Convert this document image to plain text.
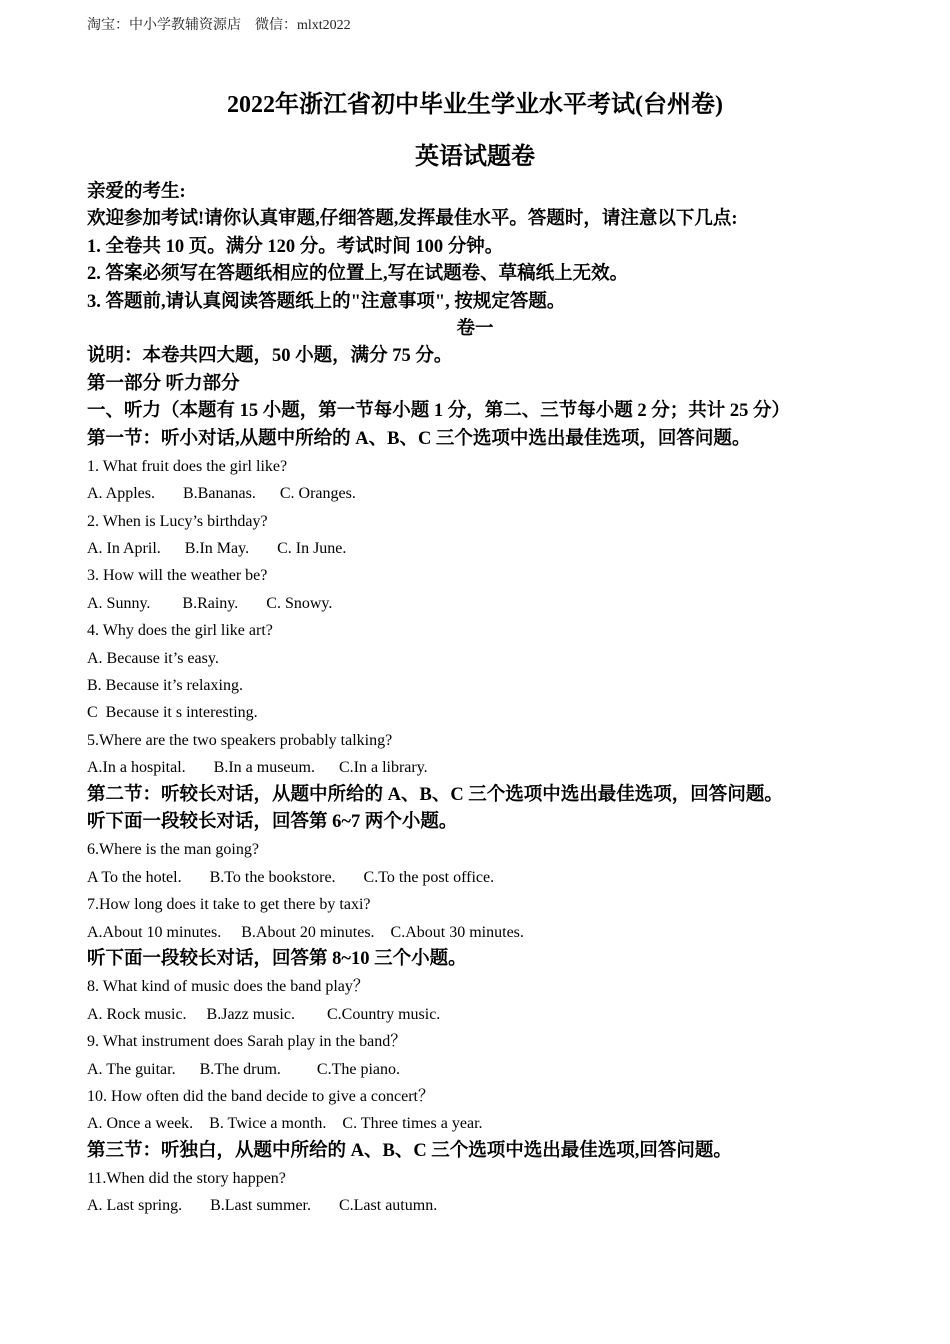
淘宝：中小学教辅资源店    微信：mlxt2022
2022年浙江省初中毕业生学业水平考试(台州卷)
英语试题卷
亲爱的考生:
欢迎参加考试!请你认真审题,仔细答题,发挥最佳水平。答题时，请注意以下几点:
1. 全卷共 10 页。满分 120 分。考试时间 100 分钟。
2. 答案必须写在答题纸相应的位置上,写在试题卷、草稿纸上无效。
3. 答题前,请认真阅读答题纸上的"注意事项", 按规定答题。
卷一
说明：本卷共四大题，50 小题，满分 75 分。
第一部分 听力部分
一、听力（本题有 15 小题，第一节每小题 1 分，第二、三节每小题 2 分；共计 25 分）
第一节：听小对话,从题中所给的 A、B、C 三个选项中选出最佳选项，回答问题。
1. What fruit does the girl like?
A. Apples.       B.Bananas.      C. Oranges.
2. When is Lucy’s birthday?
A. In April.      B.In May.       C. In June.
3. How will the weather be?
A. Sunny.        B.Rainy.       C. Snowy.
4. Why does the girl like art?
A. Because it’s easy.
B. Because it’s relaxing.
C  Because it s interesting.
5.Where are the two speakers probably talking?
A.In a hospital.       B.In a museum.      C.In a library.
第二节：听较长对话，从题中所给的 A、B、C 三个选项中选出最佳选项，回答问题。
听下面一段较长对话，回答第 6~7 两个小题。
6.Where is the man going?
A To the hotel.       B.To the bookstore.       C.To the post office.
7.How long does it take to get there by taxi?
A.About 10 minutes.     B.About 20 minutes.    C.About 30 minutes.
听下面一段较长对话，回答第 8~10 三个小题。
8. What kind of music does the band play？
A. Rock music.     B.Jazz music.        C.Country music.
9. What instrument does Sarah play in the band？
A. The guitar.      B.The drum.         C.The piano.
10. How often did the band decide to give a concert？
A. Once a week.    B. Twice a month.    C. Three times a year.
第三节：听独白，从题中所给的 A、B、C 三个选项中选出最佳选项,回答问题。
11.When did the story happen?
A. Last spring.       B.Last summer.       C.Last autumn.
